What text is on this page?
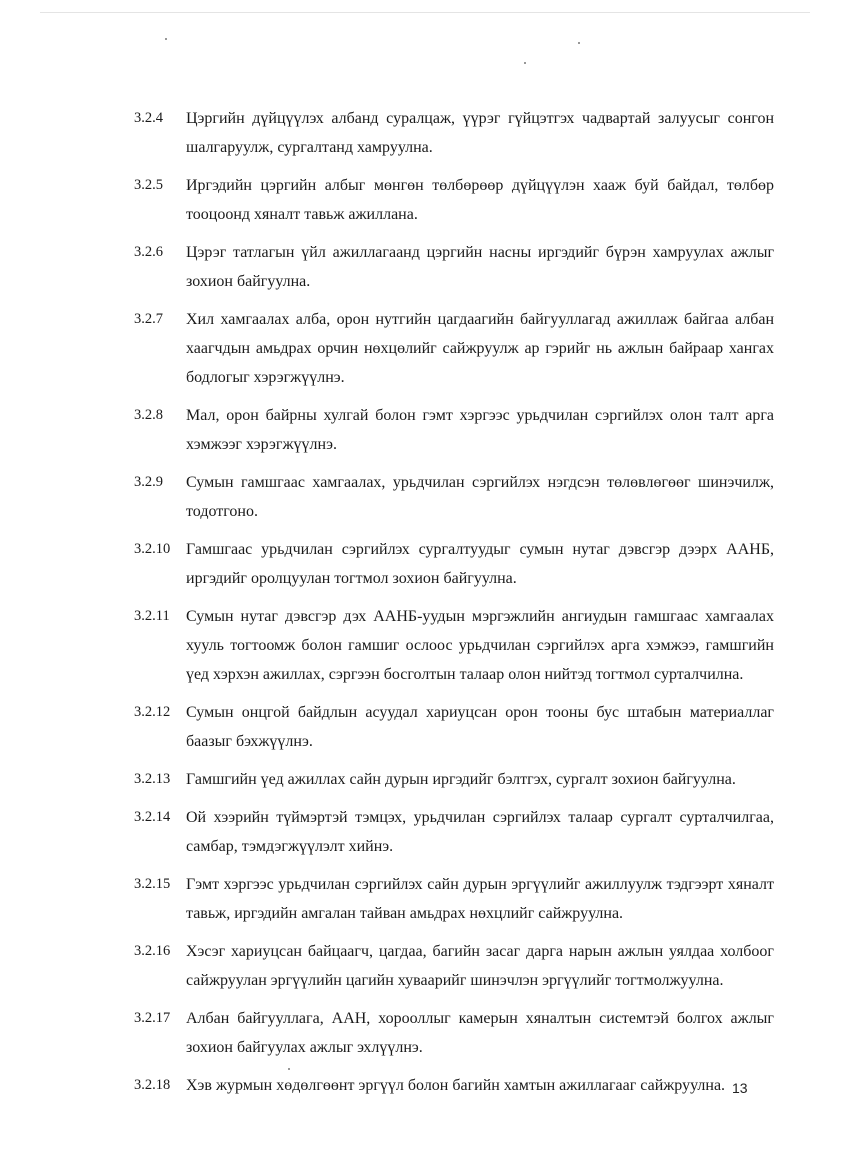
3.2.4	Цэргийн дүйцүүлэх албанд суралцаж, үүрэг гүйцэтгэх чадвартай залуусыг сонгон шалгаруулж, сургалтанд хамруулна.
3.2.5	Иргэдийн цэргийн албыг мөнгөн төлбөрөөр дүйцүүлэн хааж буй байдал, төлбөр тооцоонд хяналт тавьж ажиллана.
3.2.6	Цэрэг татлагын үйл ажиллагаанд цэргийн насны иргэдийг бүрэн хамруулах ажлыг зохион байгуулна.
3.2.7	Хил хамгаалах алба, орон нутгийн цагдаагийн байгууллагад ажиллаж байгаа албан хаагчдын амьдрах орчин нөхцөлийг сайжруулж ар гэрийг нь ажлын байраар хангах бодлогыг хэрэгжүүлнэ.
3.2.8	Мал, орон байрны хулгай болон гэмт хэргээс урьдчилан сэргийлэх олон талт арга хэмжээг хэрэгжүүлнэ.
3.2.9	Сумын гамшгаас хамгаалах, урьдчилан сэргийлэх нэгдсэн төлөвлөгөөг шинэчилж, тодотгоно.
3.2.10 Гамшгаас урьдчилан сэргийлэх сургалтуудыг сумын нутаг дэвсгэр дээрх ААНБ, иргэдийг оролцуулан тогтмол зохион байгуулна.
3.2.11	Сумын нутаг дэвсгэр дэх ААНБ-уудын мэргэжлийн ангиудын гамшгаас хамгаалах хууль тогтоомж болон гамшиг ослоос урьдчилан сэргийлэх арга хэмжээ, гамшгийн үед хэрхэн ажиллах, сэргээн босголтын талаар олон нийтэд тогтмол сурталчилна.
3.2.12 Сумын онцгой байдлын асуудал хариуцсан орон тооны бус штабын материаллаг баазыг бэхжүүлнэ.
3.2.13 Гамшгийн үед ажиллах сайн дурын иргэдийг бэлтгэх, сургалт зохион байгуулна.
3.2.14 Ой хээрийн түймэртэй тэмцэх, урьдчилан сэргийлэх талаар сургалт сурталчилгаа, самбар, тэмдэгжүүлэлт хийнэ.
3.2.15 Гэмт хэргээс урьдчилан сэргийлэх сайн дурын эргүүлийг ажиллуулж тэдгээрт хяналт тавьж, иргэдийн амгалан тайван амьдрах нөхцлийг сайжруулна.
3.2.16 Хэсэг хариуцсан байцаагч, цагдаа, багийн засаг дарга нарын ажлын уялдаа холбоог сайжруулан эргүүлийн цагийн хуваарийг шинэчлэн эргүүлийг тогтмолжуулна.
3.2.17 Албан байгууллага, ААН, хорооллыг камерын хяналтын системтэй болгох ажлыг зохион байгуулах ажлыг эхлүүлнэ.
3.2.18 Хэв журмын хөдөлгөөнт эргүүл болон багийн хамтын ажиллагааг сайжруулна. 13
